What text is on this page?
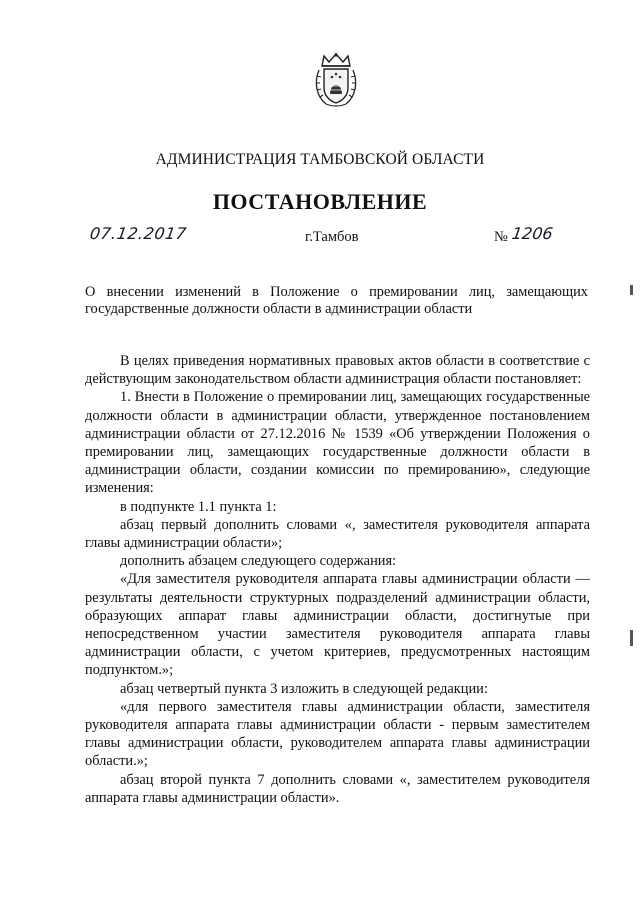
АДМИНИСТРАЦИЯ ТАМБОВСКОЙ ОБЛАСТИ
ПОСТАНОВЛЕНИЕ
07.12.2017	г.Тамбов	№ 1206
О внесении изменений в Положение о премировании лиц, замещающих государственные должности области в администрации области

В целях приведения нормативных правовых актов области в соответствие с действующим законодательством области администрация области постановляет:

1. Внести в Положение о премировании лиц, замещающих государственные должности области в администрации области, утвержденное постановлением администрации области от 27.12.2016 № 1539 «Об утверждении Положения о премировании лиц, замещающих государственные должности области в администрации области, создании комиссии по премированию», следующие изменения:

в подпункте 1.1 пункта 1:

абзац первый дополнить словами «, заместителя руководителя аппарата главы администрации области»;

дополнить абзацем следующего содержания:

«Для заместителя руководителя аппарата главы администрации области — результаты деятельности структурных подразделений администрации области, образующих аппарат главы администрации области, достигнутые при непосредственном участии заместителя руководителя аппарата главы администрации области, с учетом критериев, предусмотренных настоящим подпунктом.»;

абзац четвертый пункта 3 изложить в следующей редакции:

«для первого заместителя главы администрации области, заместителя руководителя аппарата главы администрации области - первым заместителем главы администрации области, руководителем аппарата главы администрации области.»;

абзац второй пункта 7 дополнить словами «, заместителем руководителя аппарата главы администрации области».
